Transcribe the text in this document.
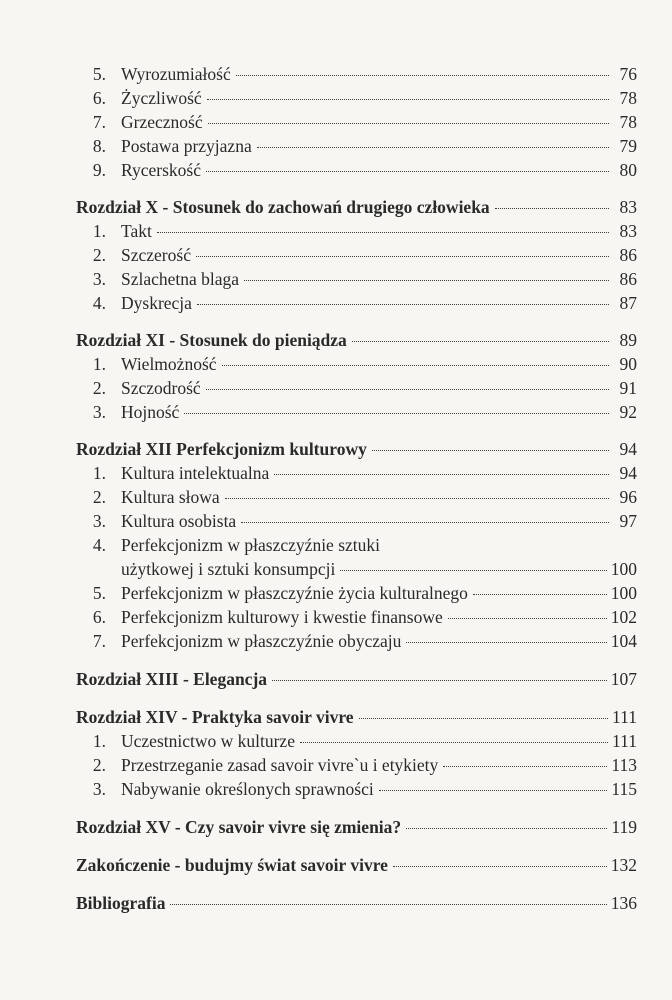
5. Wyrozumiałość	76
6. Życzliwość	78
7. Grzeczność	78
8. Postawa przyjazna	79
9. Rycerskość	80
Rozdział X - Stosunek do zachowań drugiego człowieka	83
1. Takt	83
2. Szczerość	86
3. Szlachetna blaga	86
4. Dyskrecja	87
Rozdział XI - Stosunek do pieniądza	89
1. Wielmożność	90
2. Szczodrość	91
3. Hojność	92
Rozdział XII Perfekcjonizm kulturowy	94
1. Kultura intelektualna	94
2. Kultura słowa	96
3. Kultura osobista	97
4. Perfekcjonizm w płaszczyźnie sztuki
użytkowej i sztuki konsumpcji	100
5. Perfekcjonizm w płaszczyźnie życia kulturalnego	100
6. Perfekcjonizm kulturowy i kwestie finansowe	102
7. Perfekcjonizm w płaszczyźnie obyczaju	104
Rozdział XIII - Elegancja	107
Rozdział XIV - Praktyka savoir vivre	111
1. Uczestnictwo w kulturze	111
2. Przestrzeganie zasad savoir vivre`u i etykiety	113
3. Nabywanie określonych sprawności	115
Rozdział XV - Czy savoir vivre się zmienia?	119
Zakończenie - budujmy świat savoir vivre	132
Bibliografia	136
